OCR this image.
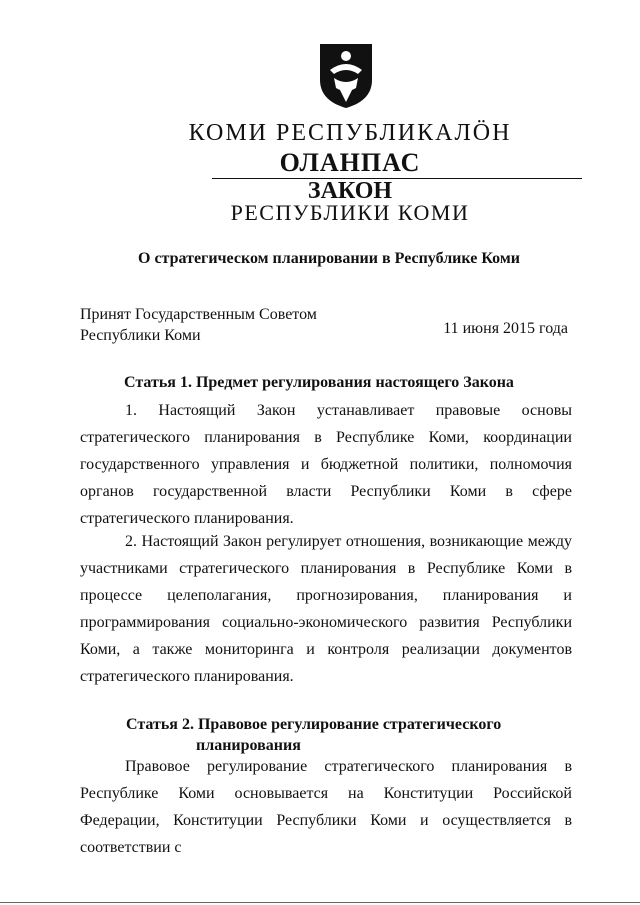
КОМИ РЕСПУБЛИКАЛӦН
ОЛАНПАС
ЗАКОН
РЕСПУБЛИКИ КОМИ
О стратегическом планировании в Республике Коми
Принят Государственным Советом
Республики Коми	11 июня 2015 года
Статья 1. Предмет регулирования настоящего Закона
1. Настоящий Закон устанавливает правовые основы стратегического планирования в Республике Коми, координации государственного управления и бюджетной политики, полномочия органов государственной власти Республики Коми в сфере стратегического планирования.
2. Настоящий Закон регулирует отношения, возникающие между участниками стратегического планирования в Республике Коми в процессе целеполагания, прогнозирования, планирования и программирования социально-экономического развития Республики Коми, а также мониторинга и контроля реализации документов стратегического планирования.
Статья 2. Правовое регулирование стратегического
планирования
Правовое регулирование стратегического планирования в Республике Коми основывается на Конституции Российской Федерации, Конституции Республики Коми и осуществляется в соответствии с
